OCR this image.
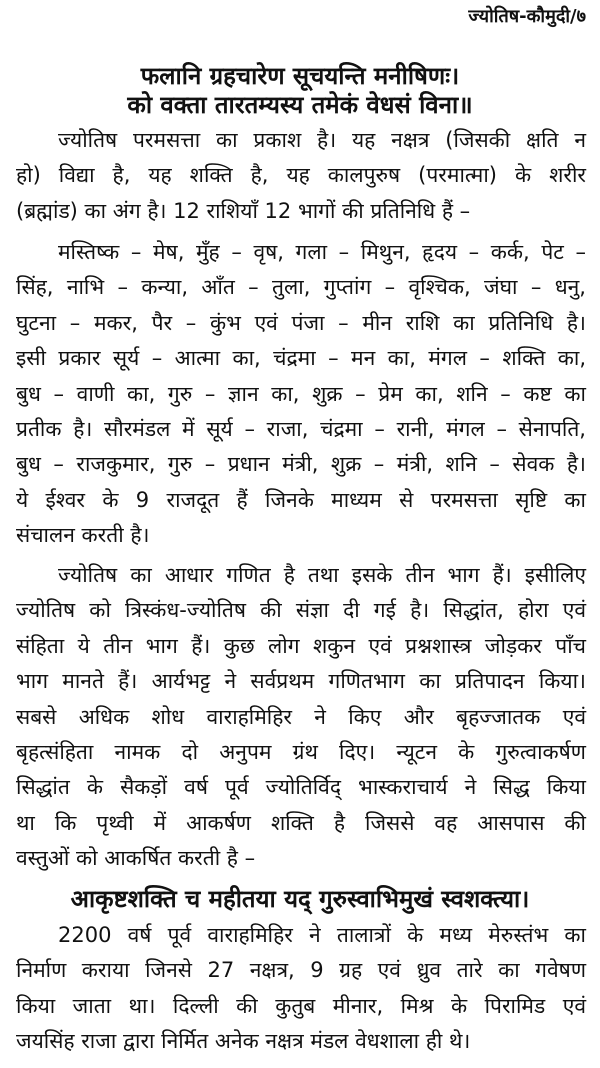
ज्योतिष-कौमुदी/७
फलानि ग्रहचारेण सूचयन्ति मनीषिणः।
को वक्ता तारतम्यस्य तमेकं वेधसं विना॥
ज्योतिष परमसत्ता का प्रकाश है। यह नक्षत्र (जिसकी क्षति न
हो) विद्या है, यह शक्ति है, यह कालपुरुष (परमात्मा) के शरीर
(ब्रह्मांड) का अंग है। 12 राशियाँ 12 भागों की प्रतिनिधि हैं –
मस्तिष्क – मेष, मुँह – वृष, गला – मिथुन, हृदय – कर्क, पेट –
सिंह, नाभि – कन्या, आँत – तुला, गुप्तांग – वृश्चिक, जंघा – धनु,
घुटना – मकर, पैर – कुंभ एवं पंजा – मीन राशि का प्रतिनिधि है।
इसी प्रकार सूर्य – आत्मा का, चंद्रमा – मन का, मंगल – शक्ति का,
बुध – वाणी का, गुरु – ज्ञान का, शुक्र – प्रेम का, शनि – कष्ट का
प्रतीक है। सौरमंडल में सूर्य – राजा, चंद्रमा – रानी, मंगल – सेनापति,
बुध – राजकुमार, गुरु – प्रधान मंत्री, शुक्र – मंत्री, शनि – सेवक है।
ये ईश्वर के 9 राजदूत हैं जिनके माध्यम से परमसत्ता सृष्टि का
संचालन करती है।
ज्योतिष का आधार गणित है तथा इसके तीन भाग हैं। इसीलिए
ज्योतिष को त्रिस्कंध-ज्योतिष की संज्ञा दी गई है। सिद्धांत, होरा एवं
संहिता ये तीन भाग हैं। कुछ लोग शकुन एवं प्रश्नशास्त्र जोड़कर पाँच
भाग मानते हैं। आर्यभट्ट ने सर्वप्रथम गणितभाग का प्रतिपादन किया।
सबसे अधिक शोध वाराहमिहिर ने किए और बृहज्जातक एवं
बृहत्संहिता नामक दो अनुपम ग्रंथ दिए। न्यूटन के गुरुत्वाकर्षण
सिद्धांत के सैकड़ों वर्ष पूर्व ज्योतिर्विद् भास्कराचार्य ने सिद्ध किया
था कि पृथ्वी में आकर्षण शक्ति है जिससे वह आसपास की
वस्तुओं को आकर्षित करती है –
2200 वर्ष पूर्व वाराहमिहिर ने तालात्रों के मध्य मेरुस्तंभ का
निर्माण कराया जिनसे 27 नक्षत्र, 9 ग्रह एवं ध्रुव तारे का गवेषण
किया जाता था। दिल्ली की कुतुब मीनार, मिश्र के पिरामिड एवं
जयसिंह राजा द्वारा निर्मित अनेक नक्षत्र मंडल वेधशाला ही थे।
आकृष्टशक्ति च महीतया यद् गुरुस्वाभिमुखं स्वशक्त्या।
